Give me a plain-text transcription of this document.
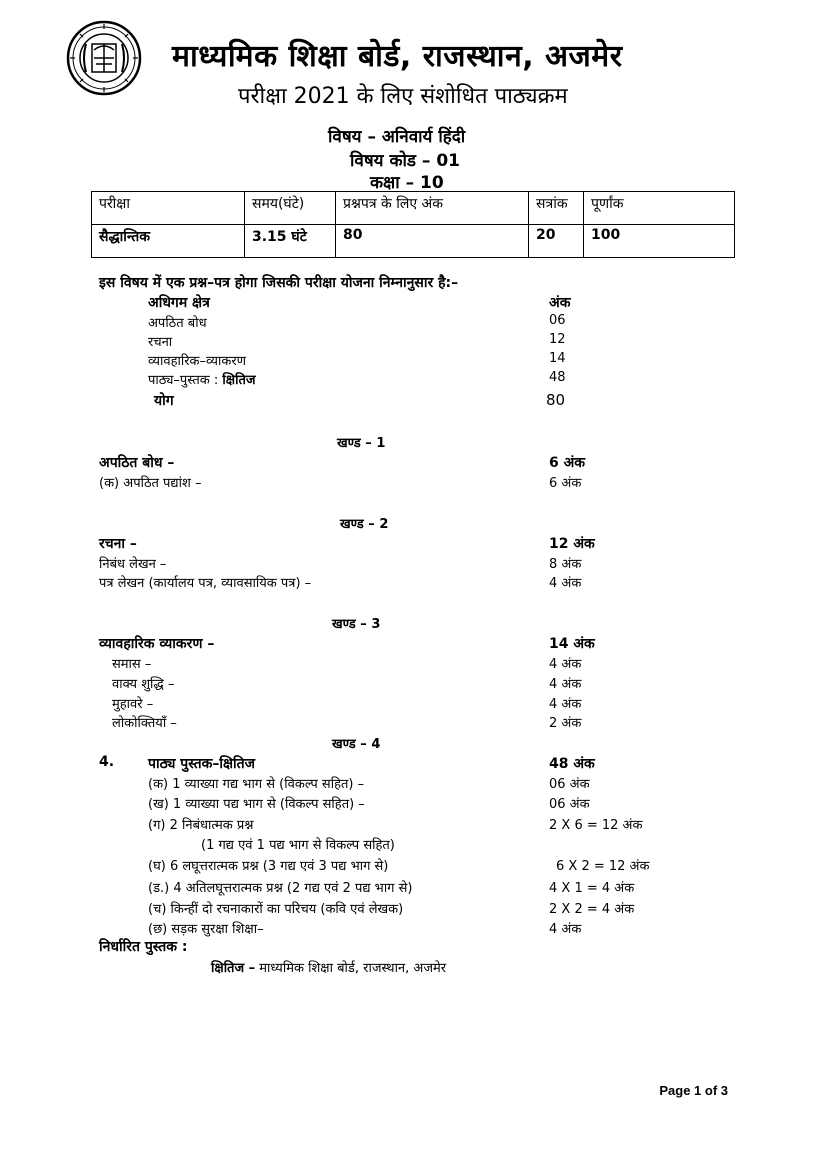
माध्यमिक शिक्षा बोर्ड, राजस्थान, अजमेर
परीक्षा 2021 के लिए संशोधित पाठ्यक्रम
विषय – अनिवार्य हिंदी
विषय कोड – 01
कक्षा – 10
परीक्षा	समय(घंटे)	प्रश्नपत्र के लिए अंक	सत्रांक	पूर्णांक
सैद्धान्तिक	3.15 घंटे	80	20	100
इस विषय में एक प्रश्न–पत्र होगा जिसकी परीक्षा योजना निम्नानुसार है:–
अधिगम क्षेत्र	अंक
अपठित बोध	06
रचना	12
व्यावहारिक–व्याकरण	14
पाठ्य–पुस्तक : क्षितिज	48
योग	80
खण्ड – 1
अपठित बोध –	6 अंक
(क) अपठित पद्यांश –	6 अंक
खण्ड – 2
रचना –	12 अंक
निबंध लेखन –	8 अंक
पत्र लेखन (कार्यालय पत्र, व्यावसायिक पत्र) –	4 अंक
खण्ड – 3
व्यावहारिक व्याकरण –	14 अंक
समास –	4 अंक
वाक्य शुद्धि –	4 अंक
मुहावरे –	4 अंक
लोकोक्तियाँ –	2 अंक
खण्ड – 4
4. पाठ्य पुस्तक–क्षितिज	48 अंक
(क) 1 व्याख्या गद्य भाग से (विकल्प सहित) –	06 अंक
(ख) 1 व्याख्या पद्य भाग से (विकल्प सहित) –	06 अंक
(ग) 2 निबंधात्मक प्रश्न	2 X 6 = 12 अंक
(1 गद्य एवं 1 पद्य भाग से विकल्प सहित)
(घ) 6 लघूत्तरात्मक प्रश्न (3 गद्य एवं 3 पद्य भाग से)	6 X 2 = 12 अंक
(ड.) 4 अतिलघूत्तरात्मक प्रश्न (2 गद्य एवं 2 पद्य भाग से)	4 X 1 = 4 अंक
(च) किन्हीं दो रचनाकारों का परिचय (कवि एवं लेखक)	2 X 2 = 4 अंक
(छ) सड़क सुरक्षा शिक्षा–	4 अंक
निर्धारित पुस्तक :
क्षितिज – माध्यमिक शिक्षा बोर्ड, राजस्थान, अजमेर
Page 1 of 3
